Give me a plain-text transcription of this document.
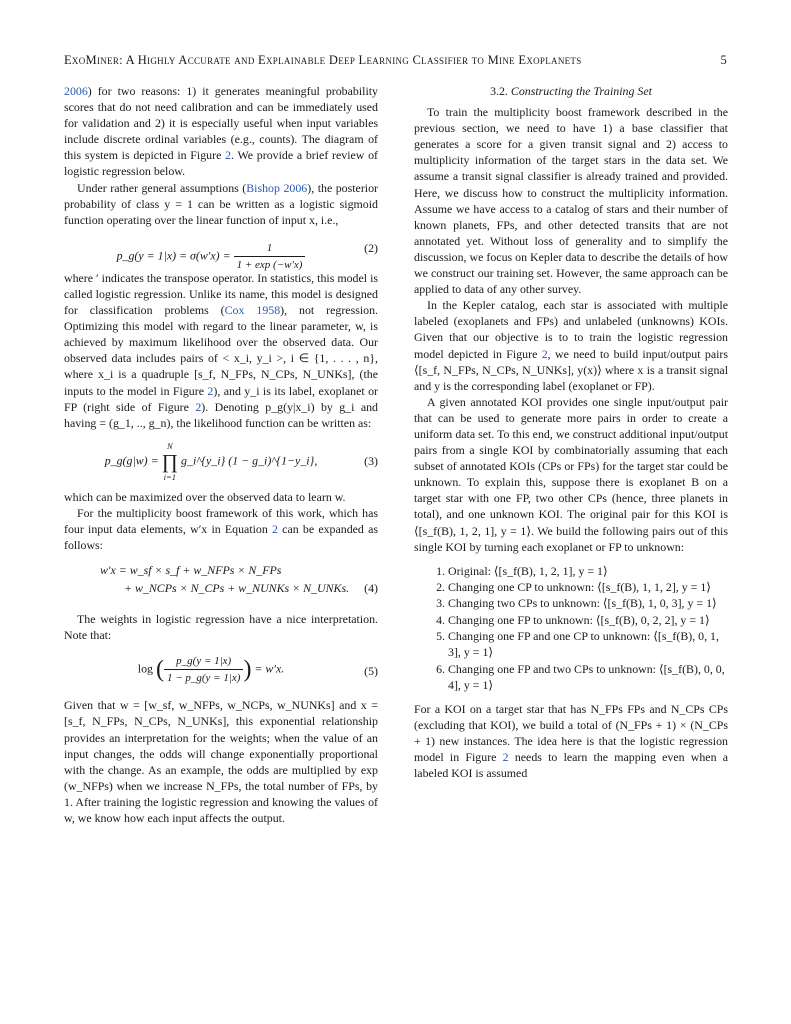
ExoMiner: A Highly Accurate and Explainable Deep Learning Classifier to Mine Exoplanets	5

2006) for two reasons: 1) it generates meaningful probability scores that do not need calibration and can be immediately used for validation and 2) it is especially useful when input variables include discrete ordinal variables (e.g., counts). The diagram of this system is depicted in Figure 2. We provide a brief review of logistic regression below.

Under rather general assumptions (Bishop 2006), the posterior probability of class y = 1 can be written as a logistic sigmoid function operating over the linear function of input x, i.e.,

p_g(y = $1|x) = \sigma(w'x) = \frac{1}{1 + \exp (-w'x)}$	(2)

where ′ indicates the transpose operator. In statistics, this model is called logistic regression. Unlike its name, this model is designed for classification problems (Cox 1958), not regression. Optimizing this model with regard to the linear parameter, w, is achieved by maximum likelihood over the observed data. Our observed data includes pairs of < x_i, y_i >, i ∈ {1, . . . , n}, where x_i is a quadruple [s_f, N_FPs, N_CPs, N_UNKs], (the inputs to the model in Figure 2), and y_i is its label, exoplanet or FP (right side of Figure 2). Denoting p_g(y|x_i) by g_i and having = (g_1, .., g_n), the likelihood function can be written as:

p_g(g|w) =
N
∏
i=1
g_i^{y_i} (1 − g_i)^{1−y_i},	(3)

which can be maximized over the observed data to learn w.

For the multiplicity boost framework of this work, which has four input data elements, w′x in Equation 2 can be expanded as follows:

w′x = w_sf × s_f + w_NFPs × N_FPs
+ w_NCPs × N_CPs + w_NUNKs × N_UNKs. (4)

The weights in logistic regression have a nice interpretation. Note that:

log ( $\frac{p\_g(y = 1|x)}{1 - p\_g(y = 1|x)}$ ) = w′x.	(5)

Given that w = [w_sf, w_NFPs, w_NCPs, w_NUNKs] and x = [s_f, N_FPs, N_CPs, N_UNKs], this exponential relationship provides an interpretation for the weights; when the value of an input changes, the odds will change exponentially proportional with the change. As an example, the odds are multiplied by exp (w_NFPs) when we increase N_FPs, the total number of FPs, by 1. After training the logistic regression and knowing the values of w, we know how each input affects the output.

3.2. Constructing the Training Set

To train the multiplicity boost framework described in the previous section, we need to have 1) a base classifier that generates a score for a given transit signal and 2) access to multiplicity information of the target stars in the data set. We assume a transit signal classifier is already trained and provided. Here, we discuss how to construct the multiplicity information. Assume we have access to a catalog of stars and their number of known planets, FPs, and other detected transits that are not annotated yet. Without loss of generality and to simplify the discussion, we focus on Kepler data to describe the details of how we construct our training set. However, the same approach can be applied to data of any other survey.

In the Kepler catalog, each star is associated with multiple labeled (exoplanets and FPs) and unlabeled (unknowns) KOIs. Given that our objective is to to train the logistic regression model depicted in Figure 2, we need to build input/output pairs ⟨[s_f, N_FPs, N_CPs, N_UNKs], y(x)⟩ where x is a transit signal and y is the corresponding label (exoplanet or FP).

A given annotated KOI provides one single input/output pair that can be used to generate more pairs in order to create a uniform data set. To this end, we construct additional input/output pairs from a single KOI by combinatorially assuming that each subset of annotated KOIs (CPs or FPs) for the target star could be unknown. To explain this, suppose there is exoplanet B on a target star with one FP, two other CPs (hence, three planets in total), and one unknown KOI. The original pair for this KOI is ⟨[s_f(B), 1, 2, 1], y = 1⟩. We build the following pairs out of this single KOI by turning each exoplanet or FP to unknown:

1. Original: ⟨[s_f(B), 1, 2, 1], y = 1⟩
2. Changing one CP to unknown: ⟨[s_f(B), 1, 1, 2], y = 1⟩
3. Changing two CPs to unknown: ⟨[s_f(B), 1, 0, 3], y = 1⟩
4. Changing one FP to unknown: ⟨[s_f(B), 0, 2, 2], y = 1⟩
5. Changing one FP and one CP to unknown: ⟨[s_f(B), 0, 1, 3], y = 1⟩
6. Changing one FP and two CPs to unknown: ⟨[s_f(B), 0, 0, 4], y = 1⟩

For a KOI on a target star that has N_FPs FPs and N_CPs CPs (excluding that KOI), we build a total of (N_FPs + 1) × (N_CPs + 1) new instances. The idea here is that the logistic regression model in Figure 2 needs to learn the mapping even when a labeled KOI is assumed
